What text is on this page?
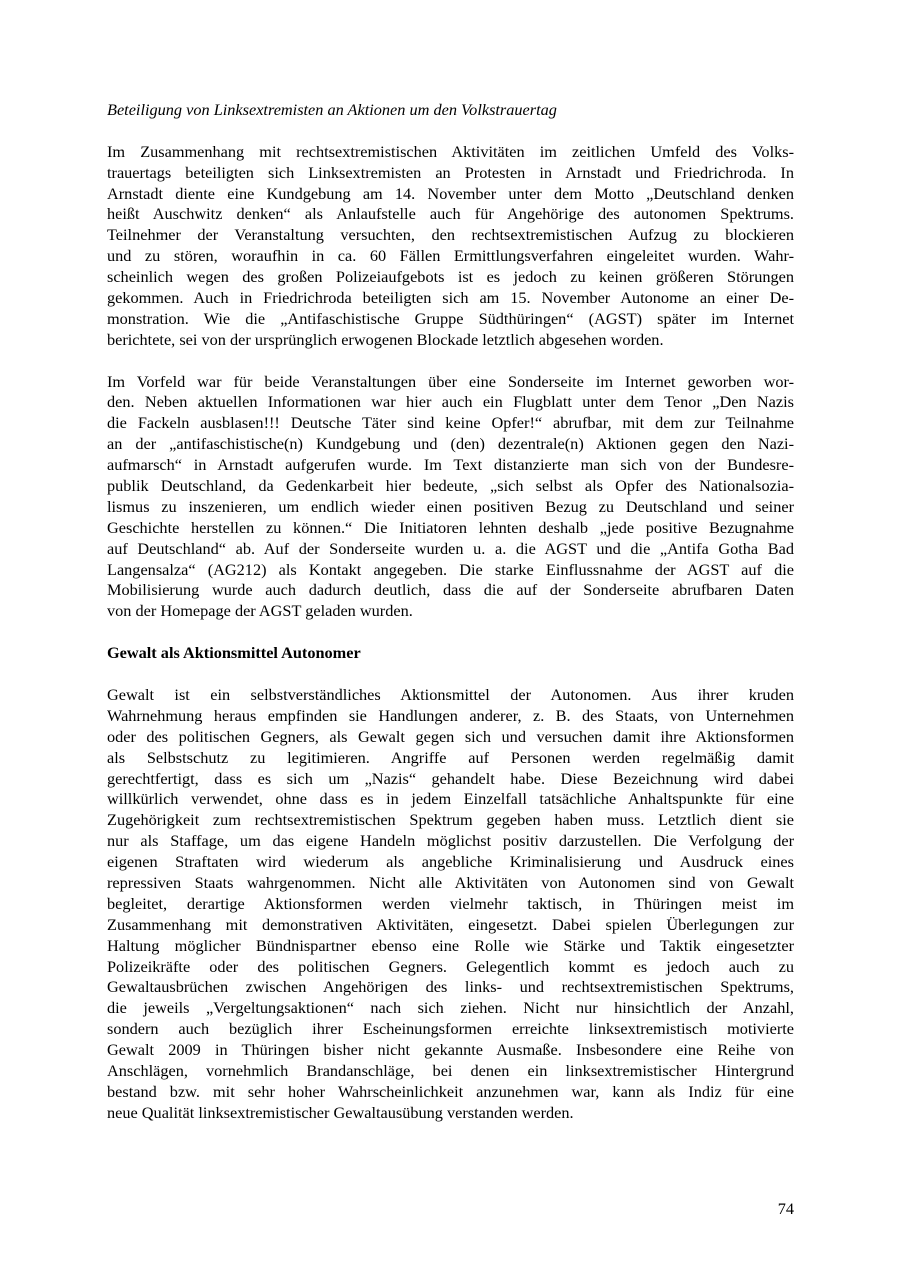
Beteiligung von Linksextremisten an Aktionen um den Volkstrauertag
Im Zusammenhang mit rechtsextremistischen Aktivitäten im zeitlichen Umfeld des Volks-
trauertags beteiligten sich Linksextremisten an Protesten in Arnstadt und Friedrichroda. In
Arnstadt diente eine Kundgebung am 14. November unter dem Motto „Deutschland denken
heißt Auschwitz denken“ als Anlaufstelle auch für Angehörige des autonomen Spektrums.
Teilnehmer der Veranstaltung versuchten, den rechtsextremistischen Aufzug zu blockieren
und zu stören, woraufhin in ca. 60 Fällen Ermittlungsverfahren eingeleitet wurden. Wahr-
scheinlich wegen des großen Polizeiaufgebots ist es jedoch zu keinen größeren Störungen
gekommen. Auch in Friedrichroda beteiligten sich am 15. November Autonome an einer De-
monstration. Wie die „Antifaschistische Gruppe Südthüringen“ (AGST) später im Internet
berichtete, sei von der ursprünglich erwogenen Blockade letztlich abgesehen worden.
Im Vorfeld war für beide Veranstaltungen über eine Sonderseite im Internet geworben wor-
den. Neben aktuellen Informationen war hier auch ein Flugblatt unter dem Tenor „Den Nazis
die Fackeln ausblasen!!! Deutsche Täter sind keine Opfer!“ abrufbar, mit dem zur Teilnahme
an der „antifaschistische(n) Kundgebung und (den) dezentrale(n) Aktionen gegen den Nazi-
aufmarsch“ in Arnstadt aufgerufen wurde. Im Text distanzierte man sich von der Bundesre-
publik Deutschland, da Gedenkarbeit hier bedeute, „sich selbst als Opfer des Nationalsozia-
lismus zu inszenieren, um endlich wieder einen positiven Bezug zu Deutschland und seiner
Geschichte herstellen zu können.“ Die Initiatoren lehnten deshalb „jede positive Bezugnahme
auf Deutschland“ ab. Auf der Sonderseite wurden u. a. die AGST und die „Antifa Gotha Bad
Langensalza“ (AG212) als Kontakt angegeben. Die starke Einflussnahme der AGST auf die
Mobilisierung wurde auch dadurch deutlich, dass die auf der Sonderseite abrufbaren Daten
von der Homepage der AGST geladen wurden.
Gewalt als Aktionsmittel Autonomer
Gewalt ist ein selbstverständliches Aktionsmittel der Autonomen. Aus ihrer kruden
Wahrnehmung heraus empfinden sie Handlungen anderer, z. B. des Staats, von Unternehmen
oder des politischen Gegners, als Gewalt gegen sich und versuchen damit ihre Aktionsformen
als Selbstschutz zu legitimieren. Angriffe auf Personen werden regelmäßig damit
gerechtfertigt, dass es sich um „Nazis“ gehandelt habe. Diese Bezeichnung wird dabei
willkürlich verwendet, ohne dass es in jedem Einzelfall tatsächliche Anhaltspunkte für eine
Zugehörigkeit zum rechtsextremistischen Spektrum gegeben haben muss. Letztlich dient sie
nur als Staffage, um das eigene Handeln möglichst positiv darzustellen. Die Verfolgung der
eigenen Straftaten wird wiederum als angebliche Kriminalisierung und Ausdruck eines
repressiven Staats wahrgenommen. Nicht alle Aktivitäten von Autonomen sind von Gewalt
begleitet, derartige Aktionsformen werden vielmehr taktisch, in Thüringen meist im
Zusammenhang mit demonstrativen Aktivitäten, eingesetzt. Dabei spielen Überlegungen zur
Haltung möglicher Bündnispartner ebenso eine Rolle wie Stärke und Taktik eingesetzter
Polizeikräfte oder des politischen Gegners. Gelegentlich kommt es jedoch auch zu
Gewaltausbrüchen zwischen Angehörigen des links- und rechtsextremistischen Spektrums,
die jeweils „Vergeltungsaktionen“ nach sich ziehen. Nicht nur hinsichtlich der Anzahl,
sondern auch bezüglich ihrer Escheinungsformen erreichte linksextremistisch motivierte
Gewalt 2009 in Thüringen bisher nicht gekannte Ausmaße. Insbesondere eine Reihe von
Anschlägen, vornehmlich Brandanschläge, bei denen ein linksextremistischer Hintergrund
bestand bzw. mit sehr hoher Wahrscheinlichkeit anzunehmen war, kann als Indiz für eine
neue Qualität linksextremistischer Gewaltausübung verstanden werden.
74
